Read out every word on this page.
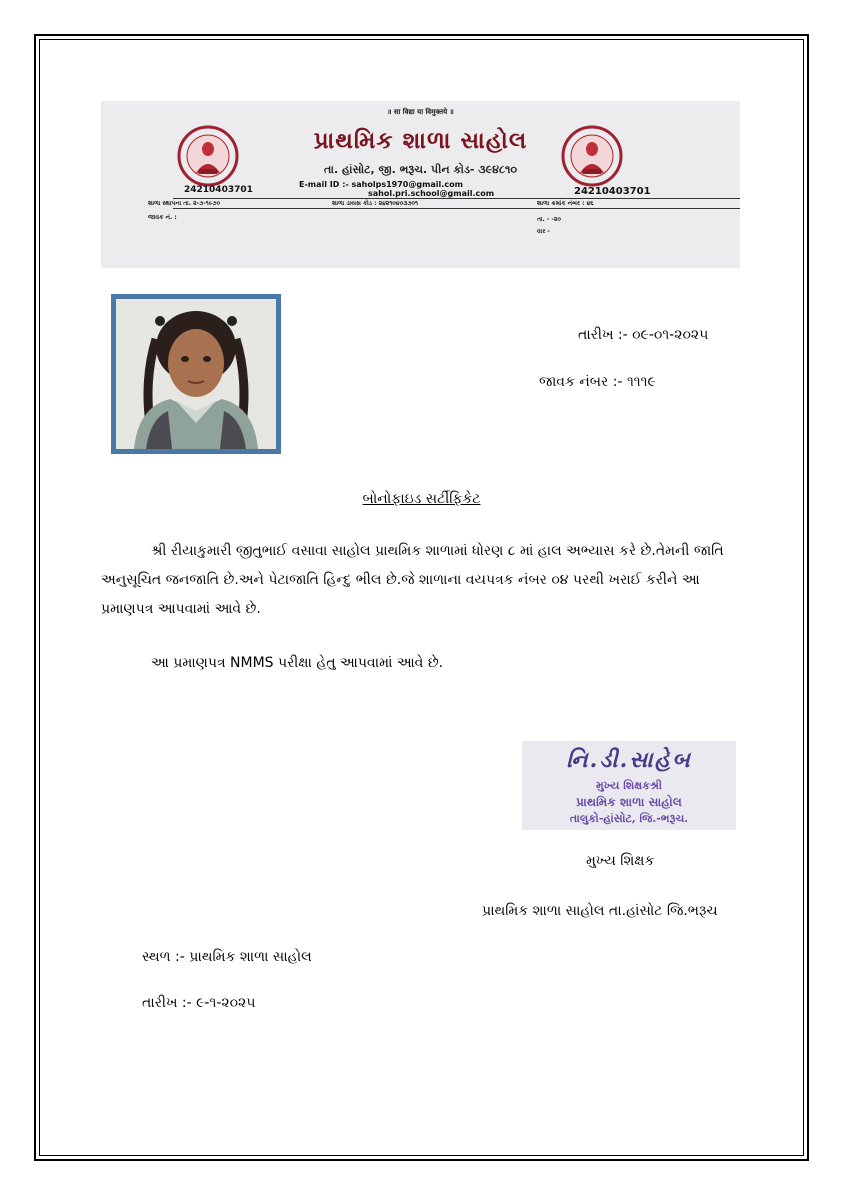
॥ सा विद्या या विमुक्तये ॥
પ્રાથમિક શાળા સાહોલ
તા. હાંસોટ, જી. ભરૂચ. પીન કોડ- ૩૯૪૮૧૦
24210403701
E-mail ID :- saholps1970@gmail.com
sahol.pri.school@gmail.com	24210403701
શાળા સ્થાપના તા. ૨-૭-૧૯૭૦	શાળા ડાયસ કોડ : ૨૪૨૧૦૪૦૩૭૦૧	શાળા ક્રમાંક નંબર : ૪૬
જાવક નં. :	તા. - -૨૦
વાર -
તારીખ :- ૦૯-૦૧-૨૦૨૫
જાવક નંબર :- ૧૧૧૯
બોનોફાઇડ સર્ટીફિકેટ
શ્રી રીયાકુમારી જીતુભાઈ વસાવા સાહોલ પ્રાથમિક શાળામાં ધોરણ ૮ માં હાલ અભ્યાસ કરે છે.તેમની જાતિ અનુસૂચિત જનજાતિ છે.અને પેટાજાતિ હિન્દુ ભીલ છે.જે શાળાના વયપત્રક નંબર ૦૪ પરથી ખરાઈ કરીને આ પ્રમાણપત્ર આપવામાં આવે છે.
આ પ્રમાણપત્ર NMMS પરીક્ષા હેતુ આપવામાં આવે છે.
નિ.ડી.સાહેબ
મુખ્ય શિક્ષકશ્રી
પ્રાથમિક શાળા સાહોલ
તાલુકો-હાંસોટ, જિ.-ભરૂચ.
મુખ્ય શિક્ષક
પ્રાથમિક શાળા સાહોલ તા.હાંસોટ જિ.ભરૂચ
સ્થળ :- પ્રાથમિક શાળા સાહોલ
તારીખ :- ૯-૧-૨૦૨૫
